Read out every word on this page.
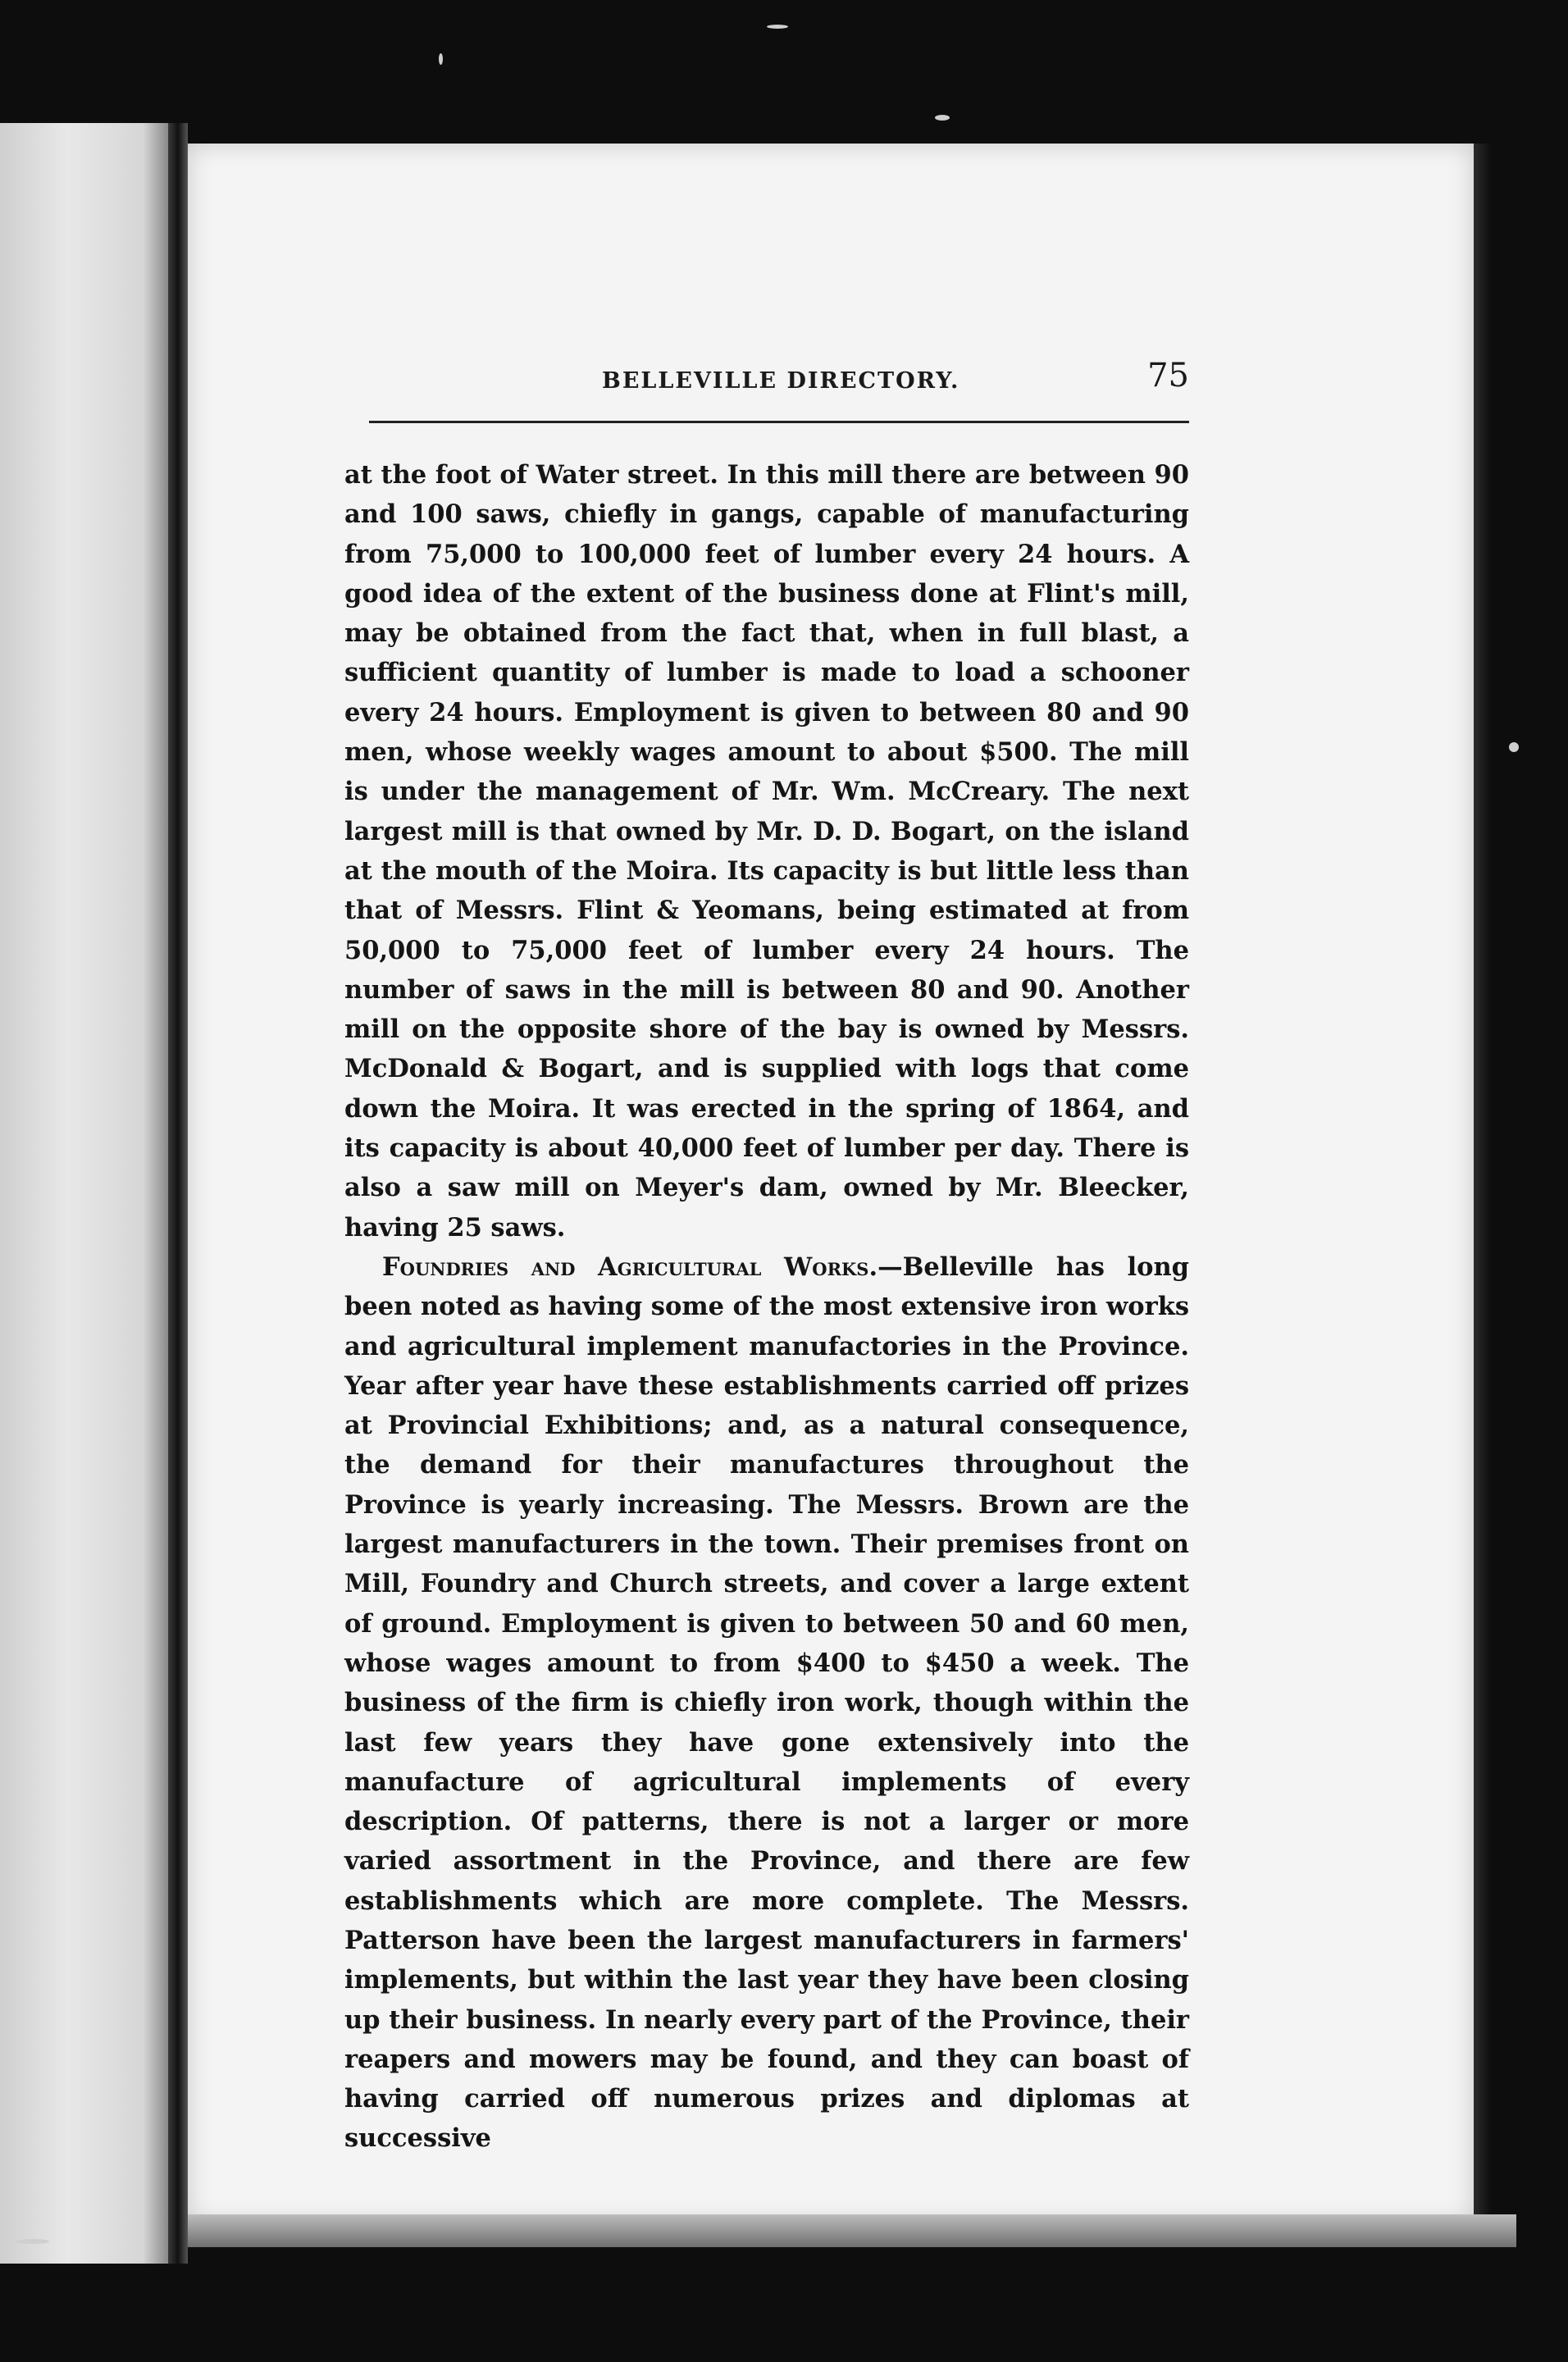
BELLEVILLE DIRECTORY.	75

at the foot of Water street. In this mill there are between 90 and 100 saws, chiefly in gangs, capable of manufacturing from 75,000 to 100,000 feet of lumber every 24 hours. A good idea of the extent of the business done at Flint's mill, may be obtained from the fact that, when in full blast, a sufficient quantity of lumber is made to load a schooner every 24 hours. Employment is given to between 80 and 90 men, whose weekly wages amount to about $500. The mill is under the management of Mr. Wm. McCreary. The next largest mill is that owned by Mr. D. D. Bogart, on the island at the mouth of the Moira. Its capacity is but little less than that of Messrs. Flint & Yeomans, being estimated at from 50,000 to 75,000 feet of lumber every 24 hours. The number of saws in the mill is between 80 and 90. Another mill on the opposite shore of the bay is owned by Messrs. McDonald & Bogart, and is supplied with logs that come down the Moira. It was erected in the spring of 1864, and its capacity is about 40,000 feet of lumber per day. There is also a saw mill on Meyer's dam, owned by Mr. Bleecker, having 25 saws.

Foundries and Agricultural Works.—Belleville has long been noted as having some of the most extensive iron works and agricultural implement manufactories in the Province. Year after year have these establishments carried off prizes at Provincial Exhibitions; and, as a natural consequence, the demand for their manufactures throughout the Province is yearly increasing. The Messrs. Brown are the largest manufacturers in the town. Their premises front on Mill, Foundry and Church streets, and cover a large extent of ground. Employment is given to between 50 and 60 men, whose wages amount to from $400 to $450 a week. The business of the firm is chiefly iron work, though within the last few years they have gone extensively into the manufacture of agricultural implements of every description. Of patterns, there is not a larger or more varied assortment in the Province, and there are few establishments which are more complete. The Messrs. Patterson have been the largest manufacturers in farmers' implements, but within the last year they have been closing up their business. In nearly every part of the Province, their reapers and mowers may be found, and they can boast of having carried off numerous prizes and diplomas at successive
